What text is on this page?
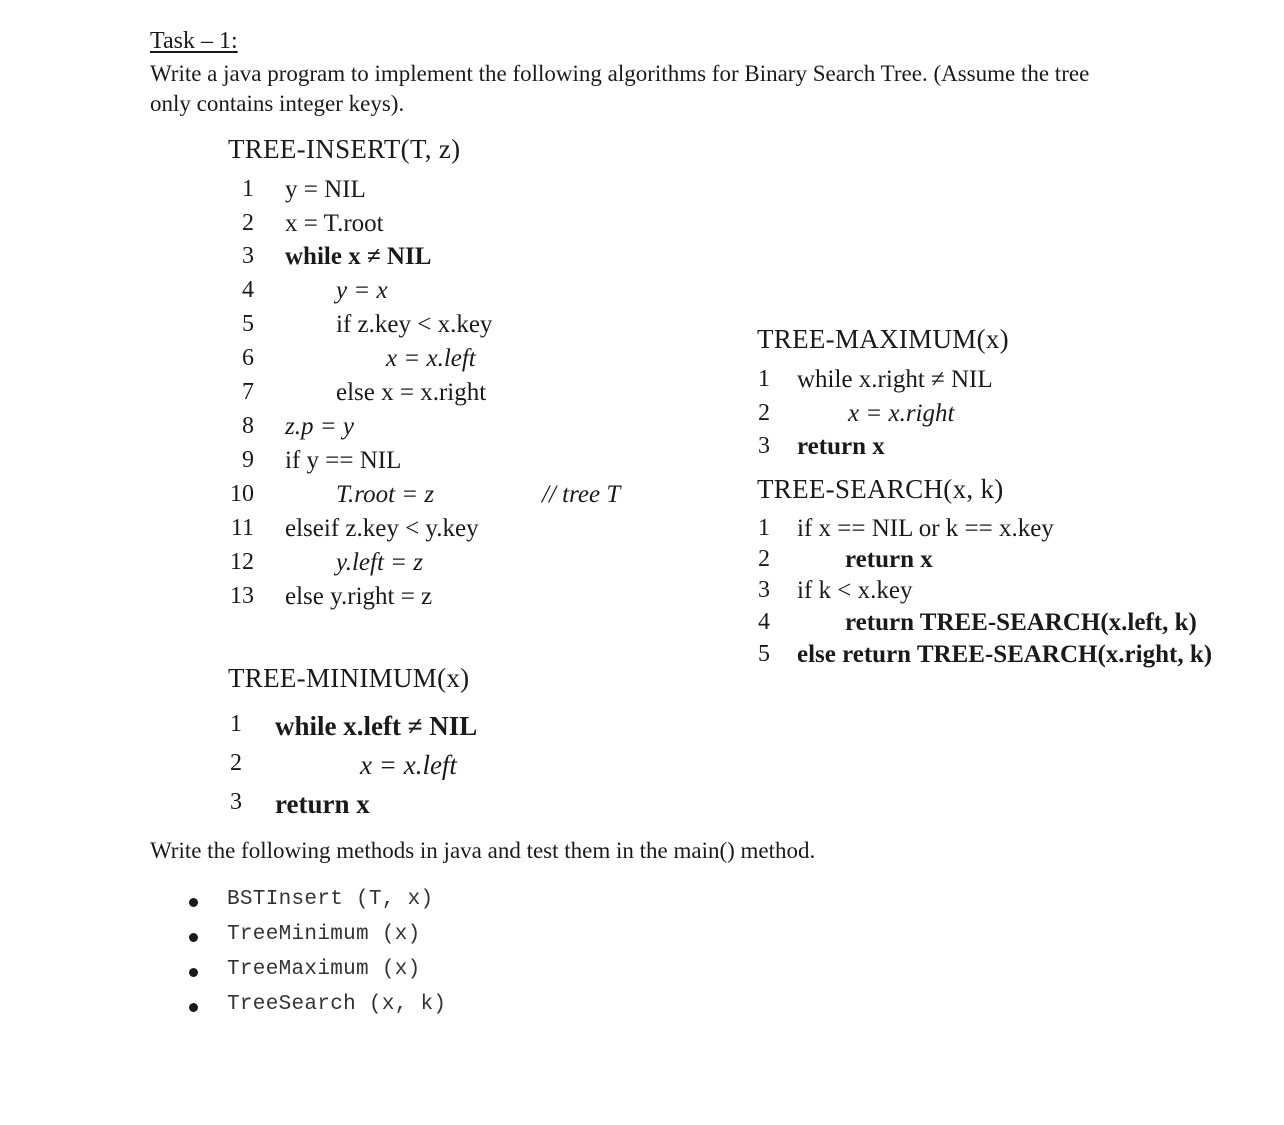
Task – 1:
Write a java program to implement the following algorithms for Binary Search Tree. (Assume the tree
only contains integer keys).
TREE-INSERT(T, z)
1 y = NIL
2 x = T.root
3 while x ≠ NIL
4	y = x
5	if z.key < x.key
6	x = x.left
7	else x = x.right
8 z.p = y
9 if y == NIL
10	T.root = z	// tree T
11 elseif z.key < y.key
12	y.left = z
13 else y.right = z
TREE-MAXIMUM(x)
1 while x.right ≠ NIL
2	x = x.right
3 return x
TREE-SEARCH(x, k)
1 if x == NIL or k == x.key
2	return x
3 if k < x.key
4	return TREE-SEARCH(x.left, k)
5 else return TREE-SEARCH(x.right, k)
TREE-MINIMUM(x)
1 while x.left ≠ NIL
2	x = x.left
3 return x
Write the following methods in java and test them in the main() method.
BSTInsert (T, x)
TreeMinimum (x)
TreeMaximum (x)
TreeSearch (x, k)
